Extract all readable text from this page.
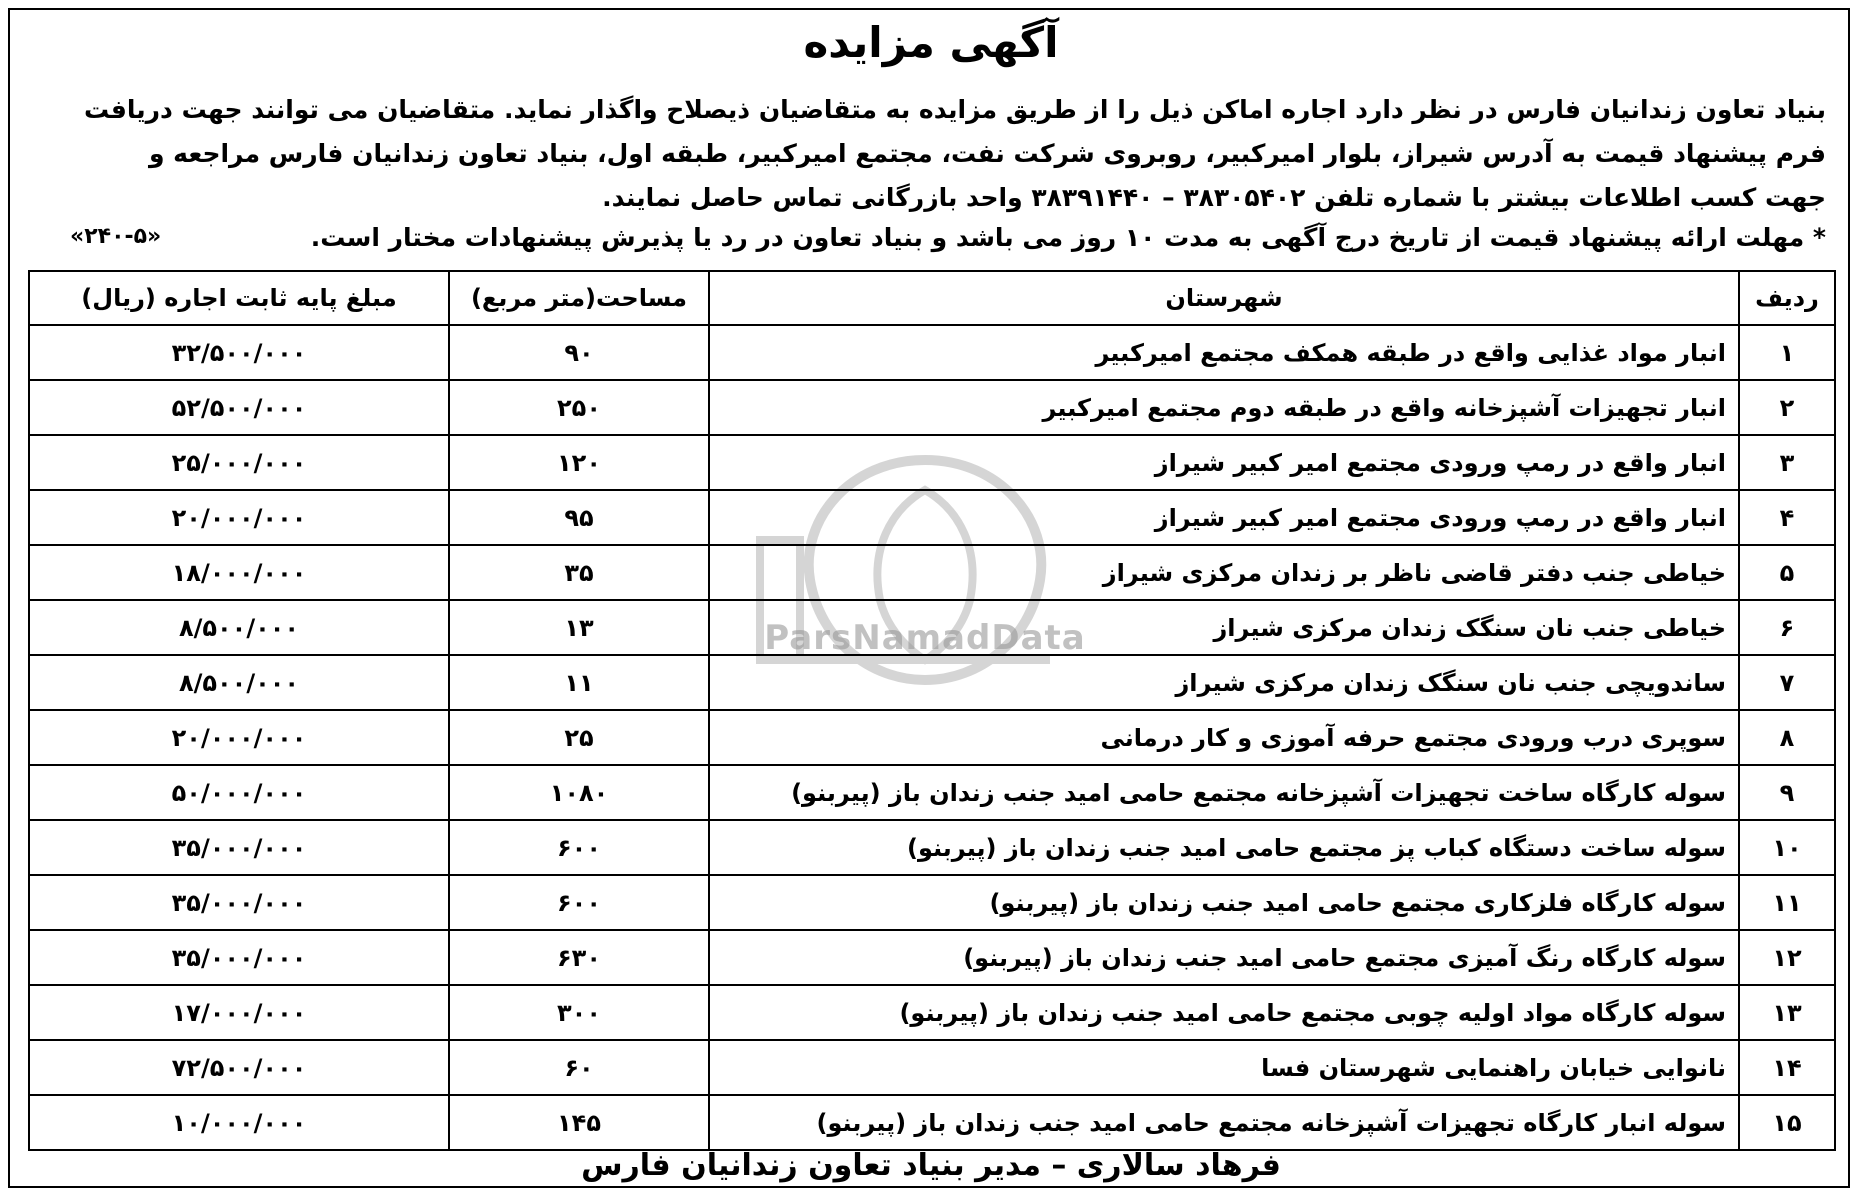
آگهی مزایده

بنیاد تعاون زندانیان فارس در نظر دارد اجاره اماکن ذیل را از طریق مزایده به متقاضیان ذیصلاح واگذار نماید. متقاضیان می توانند جهت دریافت

فرم پیشنهاد قیمت به آدرس شیراز، بلوار امیرکبیر، روبروی شرکت نفت، مجتمع امیرکبیر، طبقه اول، بنیاد تعاون زندانیان فارس مراجعه و

جهت کسب اطلاعات بیشتر با شماره تلفن ۳۸۳۰۵۴۰۲ – ۳۸۳۹۱۴۴۰ واحد بازرگانی تماس حاصل نمایند.

* مهلت ارائه پیشنهاد قیمت از تاریخ درج آگهی به مدت ۱۰ روز می باشد و بنیاد تعاون در رد یا پذیرش پیشنهادات مختار است.
«۲۴۰-۵»
ParsNamadData
ردیف	شهرستان	مساحت(متر مربع)	مبلغ پایه ثابت اجاره (ریال)
۱	انبار مواد غذایی واقع در طبقه همکف مجتمع امیرکبیر	۹۰	۳۲/۵۰۰/۰۰۰
۲	انبار تجهیزات آشپزخانه واقع در طبقه دوم مجتمع امیرکبیر	۲۵۰	۵۲/۵۰۰/۰۰۰
۳	انبار واقع در رمپ ورودی مجتمع امیر کبیر شیراز	۱۲۰	۲۵/۰۰۰/۰۰۰
۴	انبار واقع در رمپ ورودی مجتمع امیر کبیر شیراز	۹۵	۲۰/۰۰۰/۰۰۰
۵	خیاطی جنب دفتر قاضی ناظر بر زندان مرکزی شیراز	۳۵	۱۸/۰۰۰/۰۰۰
۶	خیاطی جنب نان سنگک زندان مرکزی شیراز	۱۳	۸/۵۰۰/۰۰۰
۷	ساندویچی جنب نان سنگک زندان مرکزی شیراز	۱۱	۸/۵۰۰/۰۰۰
۸	سوپری درب ورودی مجتمع حرفه آموزی و کار درمانی	۲۵	۲۰/۰۰۰/۰۰۰
۹	سوله کارگاه ساخت تجهیزات آشپزخانه مجتمع حامی امید جنب زندان باز (پیربنو)	۱۰۸۰	۵۰/۰۰۰/۰۰۰
۱۰	سوله ساخت دستگاه کباب پز مجتمع حامی امید جنب زندان باز (پیربنو)	۶۰۰	۳۵/۰۰۰/۰۰۰
۱۱	سوله کارگاه فلزکاری مجتمع حامی امید جنب زندان باز (پیربنو)	۶۰۰	۳۵/۰۰۰/۰۰۰
۱۲	سوله کارگاه رنگ آمیزی مجتمع حامی امید جنب زندان باز (پیربنو)	۶۳۰	۳۵/۰۰۰/۰۰۰
۱۳	سوله کارگاه مواد اولیه چوبی مجتمع حامی امید جنب زندان باز (پیربنو)	۳۰۰	۱۷/۰۰۰/۰۰۰
۱۴	نانوایی خیابان راهنمایی شهرستان فسا	۶۰	۷۲/۵۰۰/۰۰۰
۱۵	سوله انبار کارگاه تجهیزات آشپزخانه مجتمع حامی امید جنب زندان باز (پیربنو)	۱۴۵	۱۰/۰۰۰/۰۰۰
فرهاد سالاری – مدیر بنیاد تعاون زندانیان فارس
